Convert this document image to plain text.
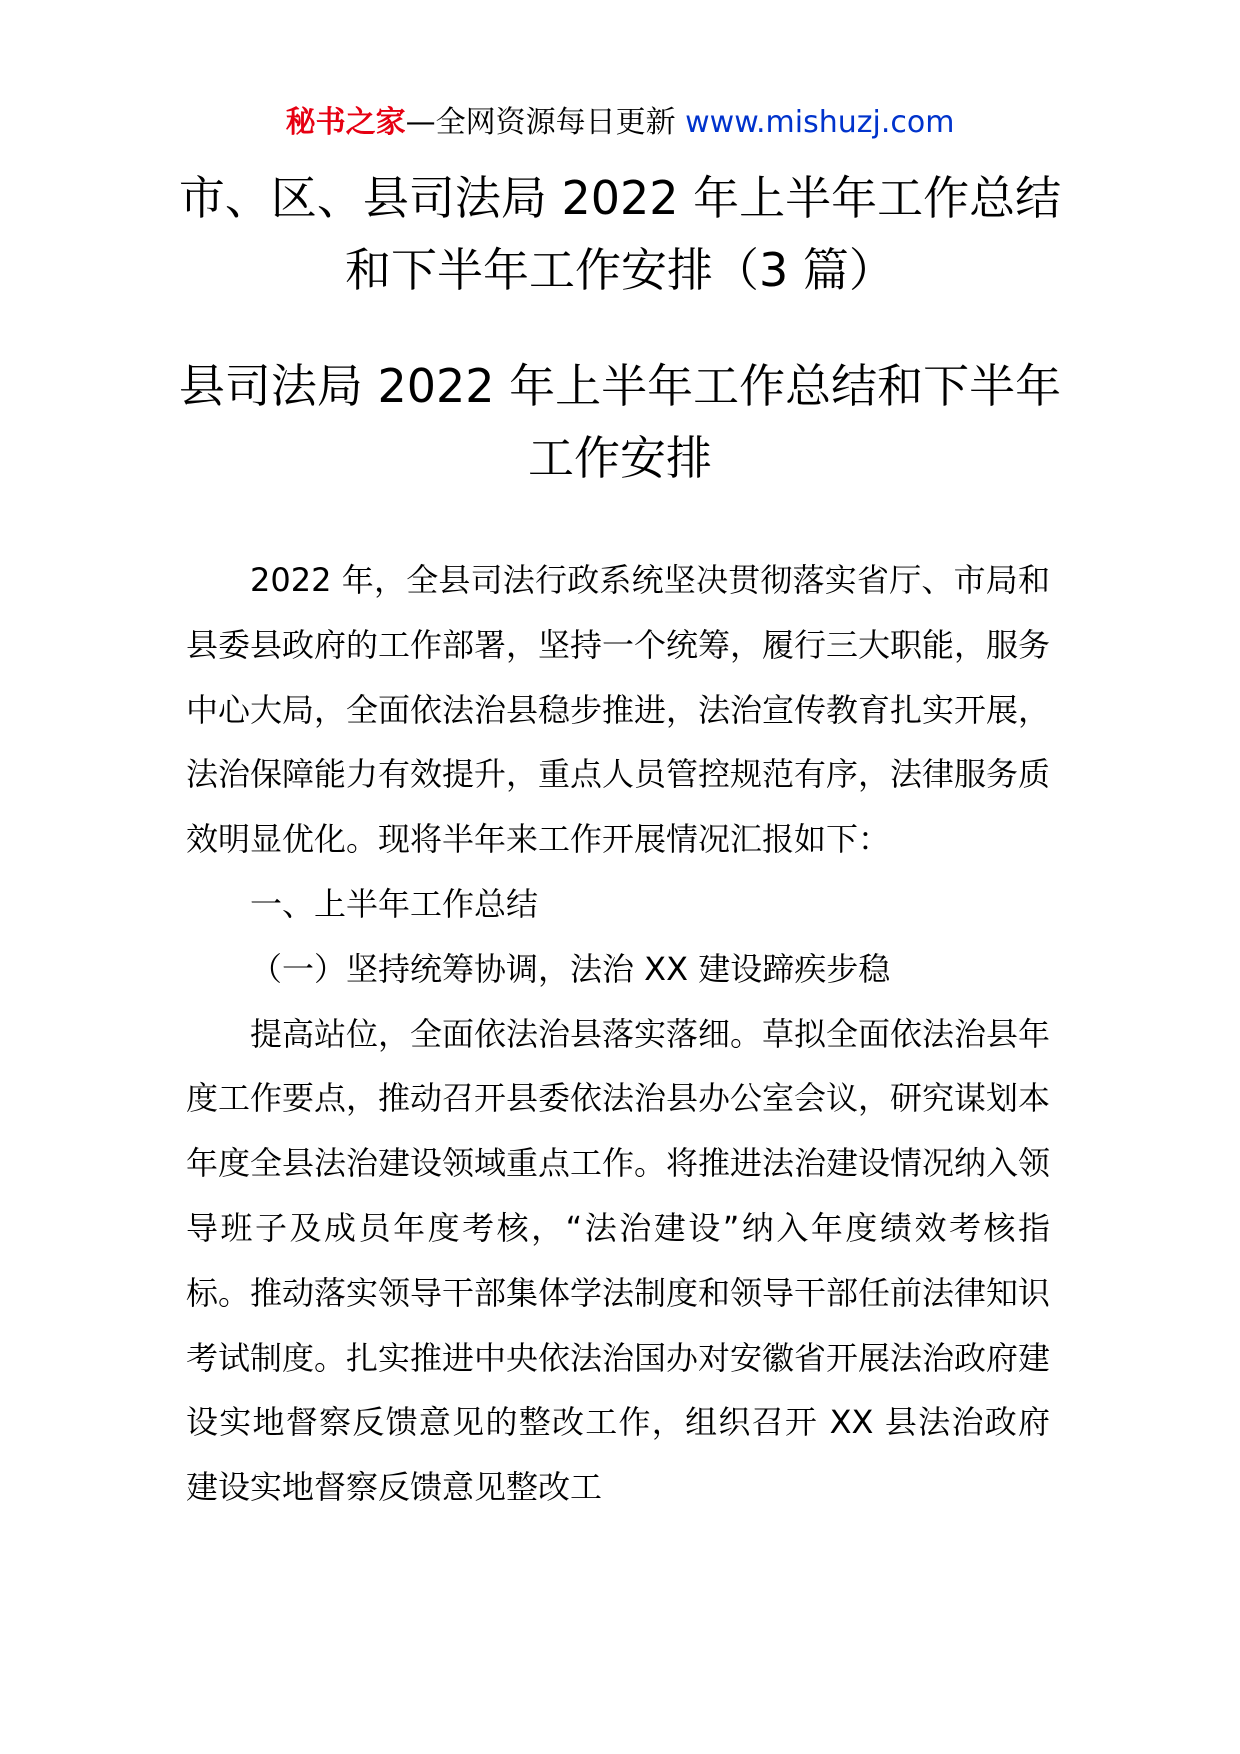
秘书之家—全网资源每日更新 www.mishuzj.com
市、区、县司法局 2022 年上半年工作总结
和下半年工作安排（3 篇）
县司法局 2022 年上半年工作总结和下半年
工作安排

2022 年，全县司法行政系统坚决贯彻落实省厅、市局和县委县政府的工作部署，坚持一个统筹，履行三大职能，服务中心大局，全面依法治县稳步推进，法治宣传教育扎实开展，法治保障能力有效提升，重点人员管控规范有序，法律服务质效明显优化。现将半年来工作开展情况汇报如下：

一、上半年工作总结

（一）坚持统筹协调，法治 XX 建设蹄疾步稳

提高站位，全面依法治县落实落细。草拟全面依法治县年度工作要点，推动召开县委依法治县办公室会议，研究谋划本年度全县法治建设领域重点工作。将推进法治建设情况纳入领导班子及成员年度考核，“法治建设”纳入年度绩效考核指标。推动落实领导干部集体学法制度和领导干部任前法律知识考试制度。扎实推进中央依法治国办对安徽省开展法治政府建设实地督察反馈意见的整改工作，组织召开 XX 县法治政府建设实地督察反馈意见整改工
